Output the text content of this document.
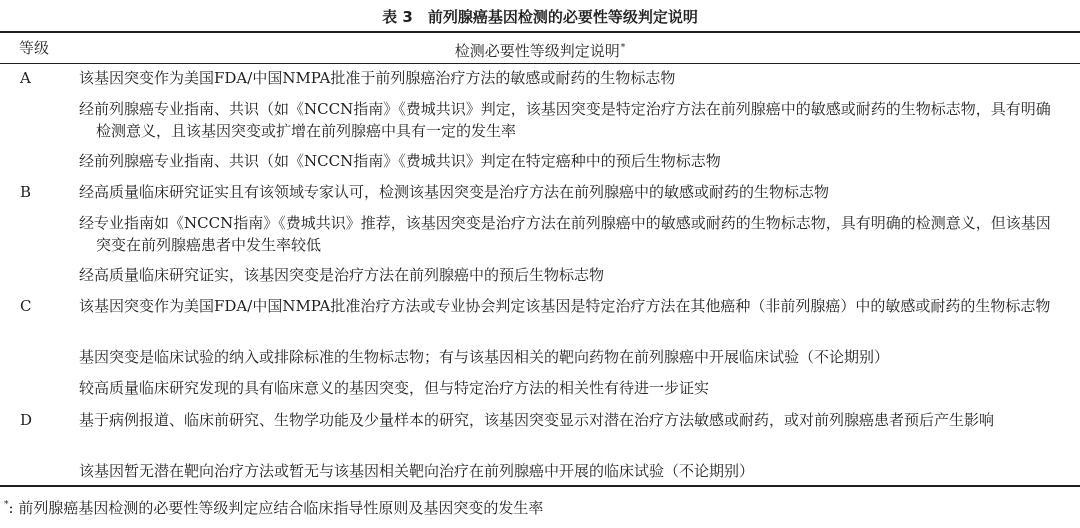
表 3　前列腺癌基因检测的必要性等级判定说明
等级	检测必要性等级判定说明*
A	该基因突变作为美国FDA/中国NMPA批准于前列腺癌治疗方法的敏感或耐药的生物标志物
经前列腺癌专业指南、共识（如《NCCN指南》《费城共识》判定，该基因突变是特定治疗方法在前列腺癌中的敏感或耐药的生物标志物，具有明确检测意义，且该基因突变或扩增在前列腺癌中具有一定的发生率
经前列腺癌专业指南、共识（如《NCCN指南》《费城共识》判定在特定癌种中的预后生物标志物
B	经高质量临床研究证实且有该领域专家认可，检测该基因突变是治疗方法在前列腺癌中的敏感或耐药的生物标志物
经专业指南如《NCCN指南》《费城共识》推荐，该基因突变是治疗方法在前列腺癌中的敏感或耐药的生物标志物，具有明确的检测意义，但该基因突变在前列腺癌患者中发生率较低
经高质量临床研究证实，该基因突变是治疗方法在前列腺癌中的预后生物标志物
C	该基因突变作为美国FDA/中国NMPA批准治疗方法或专业协会判定该基因是特定治疗方法在其他癌种（非前列腺癌）中的敏感或耐药的生物标志物
基因突变是临床试验的纳入或排除标准的生物标志物；有与该基因相关的靶向药物在前列腺癌中开展临床试验（不论期别）
较高质量临床研究发现的具有临床意义的基因突变，但与特定治疗方法的相关性有待进一步证实
D	基于病例报道、临床前研究、生物学功能及少量样本的研究，该基因突变显示对潜在治疗方法敏感或耐药，或对前列腺癌患者预后产生影响
该基因暂无潜在靶向治疗方法或暂无与该基因相关靶向治疗在前列腺癌中开展的临床试验（不论期别）
*: 前列腺癌基因检测的必要性等级判定应结合临床指导性原则及基因突变的发生率
